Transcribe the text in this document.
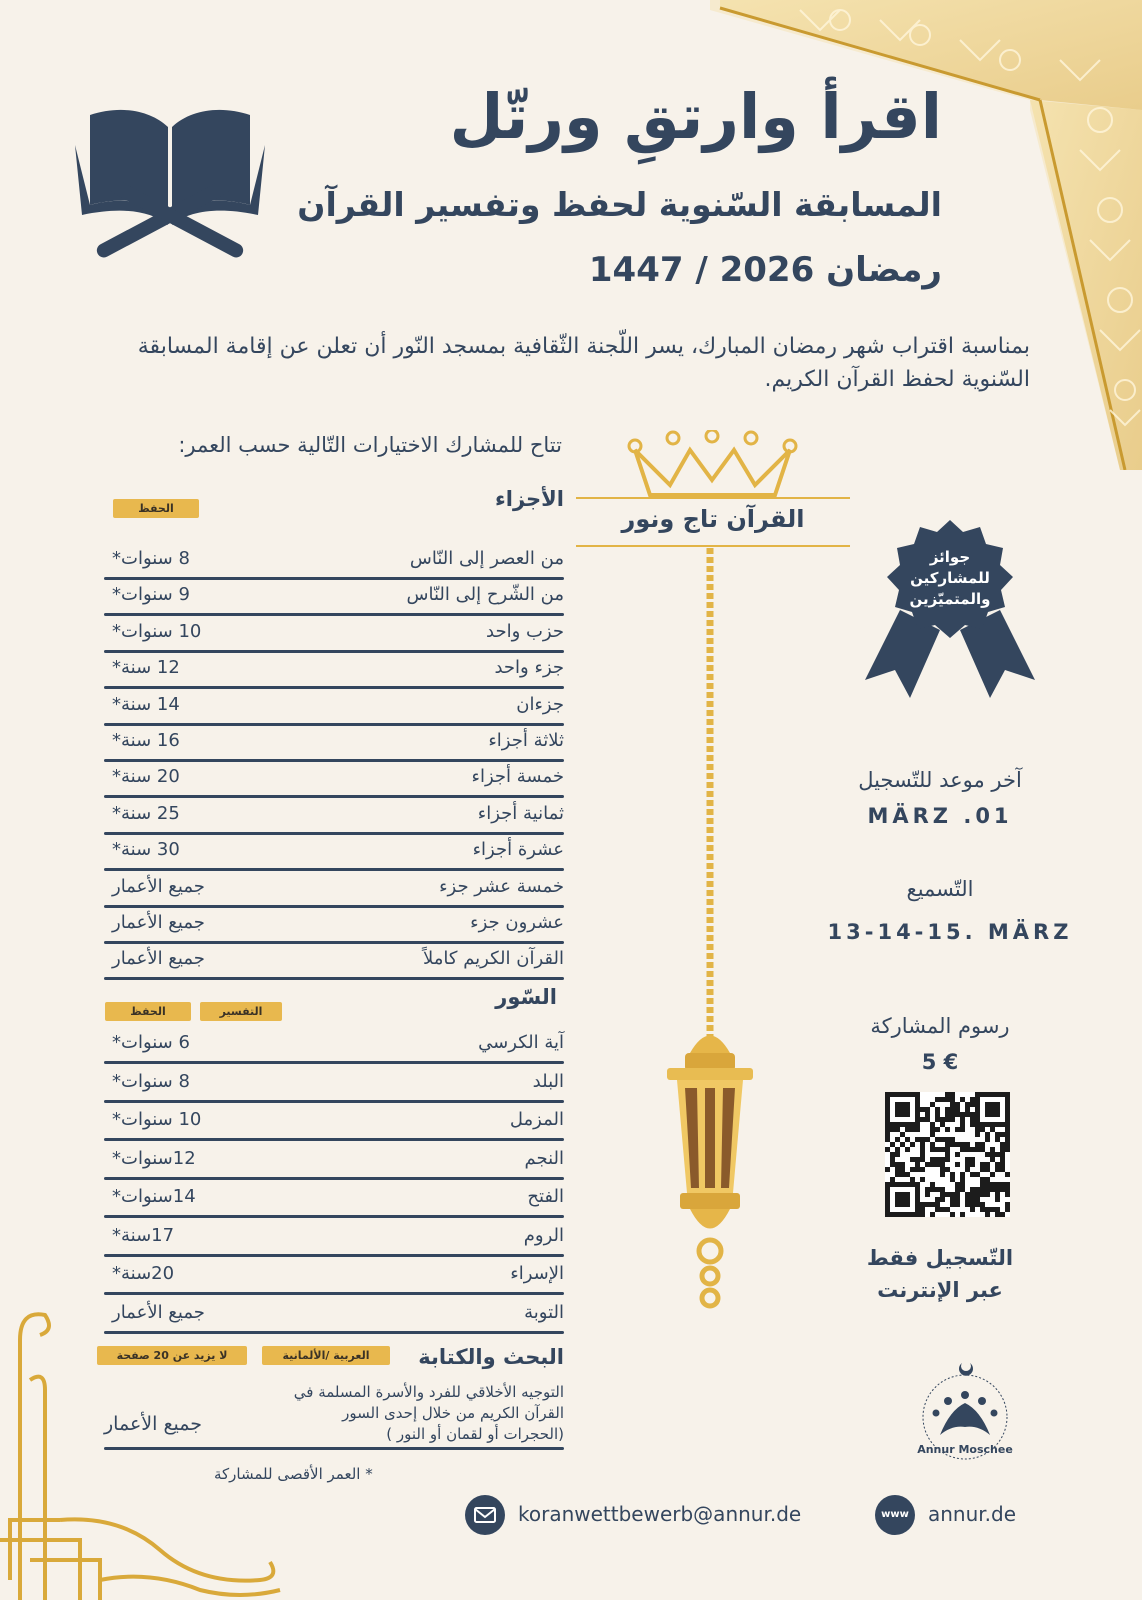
اقرأ وارتقِ ورتّل
المسابقة السّنوية لحفظ وتفسير القرآن
رمضان 2026 / 1447
بمناسبة اقتراب شهر رمضان المبارك، يسر اللّجنة الثّقافية بمسجد النّور أن تعلن عن إقامة المسابقة السّنوية لحفظ القرآن الكريم.
تتاح للمشارك الاختيارات التّالية حسب العمر:
الأجزاء
الحفظ
من العصر إلى النّاس
8 سنوات*
من الشّرح إلى النّاس
9 سنوات*
حزب واحد
10 سنوات*
جزء واحد
12 سنة*
جزءان
14 سنة*
ثلاثة أجزاء
16 سنة*
خمسة أجزاء
20 سنة*
ثمانية أجزاء
25 سنة*
عشرة أجزاء
30 سنة*
خمسة عشر جزء
جميع الأعمار
عشرون جزء
جميع الأعمار
القرآن الكريم كاملاً
جميع الأعمار
السّور
التفسير
الحفظ
آية الكرسي
6 سنوات*
البلد
8 سنوات*
المزمل
10 سنوات*
النجم
12سنوات*
الفتح
14سنوات*
الروم
17سنة*
الإسراء
20سنة*
التوبة
جميع الأعمار
البحث والكتابة
العربية /الألمانية
لا يزيد عن 20 صفحة
التوجيه الأخلاقي للفرد والأسرة المسلمة في
القرآن الكريم من خلال إحدى السور
(الحجرات أو لقمان أو النور )
جميع الأعمار
* العمر الأقصى للمشاركة
القرآن تاج ونور
جوائز
للمشاركين
والمتميّزين
آخر موعد للتّسجيل
01. MÄRZ
التّسميع
13-14-15. MÄRZ
رسوم المشاركة
5 €
التّسجيل فقط
عبر الإنترنت
Annur Moschee
koranwettbewerb@annur.de	www annur.de
